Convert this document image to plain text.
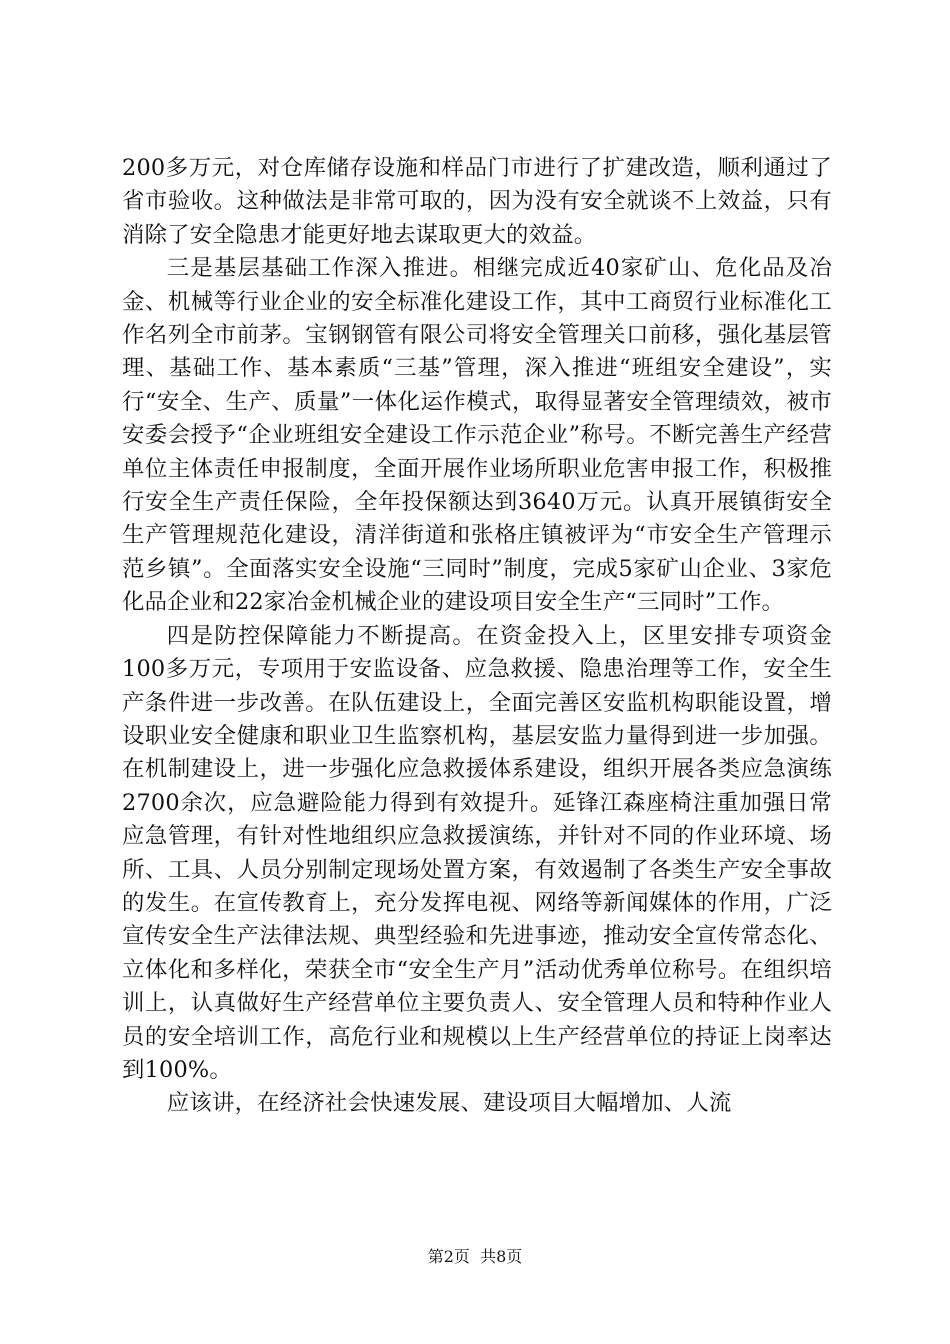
200多万元，对仓库储存设施和样品门市进行了扩建改造，顺利通过了省市验收。这种做法是非常可取的，因为没有安全就谈不上效益，只有消除了安全隐患才能更好地去谋取更大的效益。

三是基层基础工作深入推进。相继完成近40家矿山、危化品及冶金、机械等行业企业的安全标准化建设工作，其中工商贸行业标准化工作名列全市前茅。宝钢钢管有限公司将安全管理关口前移，强化基层管理、基础工作、基本素质“三基”管理，深入推进“班组安全建设”，实行“安全、生产、质量”一体化运作模式，取得显著安全管理绩效，被市安委会授予“企业班组安全建设工作示范企业”称号。不断完善生产经营单位主体责任申报制度，全面开展作业场所职业危害申报工作，积极推行安全生产责任保险，全年投保额达到3640万元。认真开展镇街安全生产管理规范化建设，清洋街道和张格庄镇被评为“市安全生产管理示范乡镇”。全面落实安全设施“三同时”制度，完成5家矿山企业、3家危化品企业和22家冶金机械企业的建设项目安全生产“三同时”工作。

四是防控保障能力不断提高。在资金投入上，区里安排专项资金100多万元，专项用于安监设备、应急救援、隐患治理等工作，安全生产条件进一步改善。在队伍建设上，全面完善区安监机构职能设置，增设职业安全健康和职业卫生监察机构，基层安监力量得到进一步加强。在机制建设上，进一步强化应急救援体系建设，组织开展各类应急演练2700余次，应急避险能力得到有效提升。延锋江森座椅注重加强日常应急管理，有针对性地组织应急救援演练，并针对不同的作业环境、场所、工具、人员分别制定现场处置方案，有效遏制了各类生产安全事故的发生。在宣传教育上，充分发挥电视、网络等新闻媒体的作用，广泛宣传安全生产法律法规、典型经验和先进事迹，推动安全宣传常态化、立体化和多样化，荣获全市“安全生产月”活动优秀单位称号。在组织培训上，认真做好生产经营单位主要负责人、安全管理人员和特种作业人员的安全培训工作，高危行业和规模以上生产经营单位的持证上岗率达到100%。

应该讲，在经济社会快速发展、建设项目大幅增加、人流

第2页 共8页
